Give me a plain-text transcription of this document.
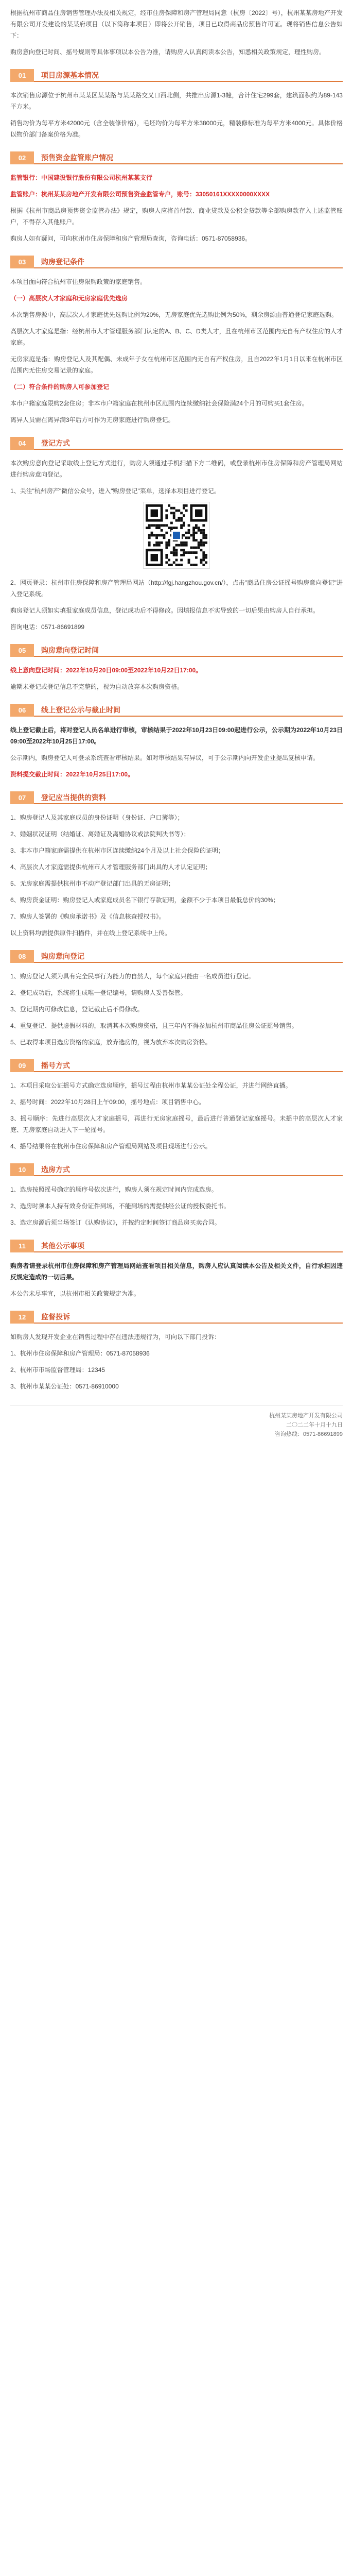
根据杭州市商品住房销售管理办法及相关规定，经市住房保障和房产管理局同意（杭房〔2022〕号），杭州某某房地产开发有限公司开发建设的某某府项目（以下简称本项目）即将公开销售，项目已取得商品房预售许可证。现将销售信息公告如下：
购房意向登记时间、摇号规则等具体事项以本公告为准，请购房人认真阅读本公告，知悉相关政策规定，理性购房。
01	项目房源基本情况
本次销售房源位于杭州市某某区某某路与某某路交叉口西北侧，共推出房源1-3幢，合计住宅299套，建筑面积约为89-143平方米。
销售均价为每平方米42000元（含全装修价格），毛坯均价为每平方米38000元，精装修标准为每平方米4000元。具体价格以物价部门备案价格为准。
02	预售资金监管账户情况
监管银行：中国建设银行股份有限公司杭州某某支行
监管账户：杭州某某房地产开发有限公司预售资金监管专户，账号：33050161XXXX0000XXXX
根据《杭州市商品房预售资金监管办法》规定，购房人应将首付款、商业贷款及公积金贷款等全部购房款存入上述监管账户，不得存入其他账户。
购房人如有疑问，可向杭州市住房保障和房产管理局查询，咨询电话：0571-87058936。
03	购房登记条件
本项目面向符合杭州市住房限购政策的家庭销售。
（一）高层次人才家庭和无房家庭优先选房
本次销售房源中，高层次人才家庭优先选购比例为20%，无房家庭优先选购比例为50%，剩余房源由普通登记家庭选购。
高层次人才家庭是指：经杭州市人才管理服务部门认定的A、B、C、D类人才，且在杭州市区范围内无自有产权住房的人才家庭。
无房家庭是指：购房登记人及其配偶、未成年子女在杭州市区范围内无自有产权住房，且自2022年1月1日以来在杭州市区范围内无住房交易记录的家庭。
（二）符合条件的购房人可参加登记
本市户籍家庭限购2套住房；非本市户籍家庭在杭州市区范围内连续缴纳社会保险满24个月的可购买1套住房。
离异人员需在离异满3年后方可作为无房家庭进行购房登记。
04	登记方式
本次购房意向登记采取线上登记方式进行，购房人须通过手机扫描下方二维码，或登录杭州市住房保障和房产管理局网站进行购房意向登记。
1、关注"杭州房产"微信公众号，进入"购房登记"菜单，选择本项目进行登记。
2、网页登录：杭州市住房保障和房产管理局网站（http://fgj.hangzhou.gov.cn/），点击"商品住房公证摇号购房意向登记"进入登记系统。
购房登记人须如实填报家庭成员信息，登记成功后不得修改。因填报信息不实导致的一切后果由购房人自行承担。
咨询电话：0571-86691899
05	购房意向登记时间
线上意向登记时间：2022年10月20日09:00至2022年10月22日17:00。
逾期未登记或登记信息不完整的，视为自动放弃本次购房资格。
06	线上登记公示与截止时间
线上登记截止后，将对登记人员名单进行审核，审核结果于2022年10月23日09:00起进行公示，公示期为2022年10月23日09:00至2022年10月25日17:00。
公示期内，购房登记人可登录系统查看审核结果。如对审核结果有异议，可于公示期内向开发企业提出复核申请。
资料提交截止时间：2022年10月25日17:00。
07	登记应当提供的资料
1、购房登记人及其家庭成员的身份证明（身份证、户口簿等）；
2、婚姻状况证明（结婚证、离婚证及离婚协议或法院判决书等）；
3、非本市户籍家庭需提供在杭州市区连续缴纳24个月及以上社会保险的证明；
4、高层次人才家庭需提供杭州市人才管理服务部门出具的人才认定证明；
5、无房家庭需提供杭州市不动产登记部门出具的无房证明；
6、购房资金证明：购房登记人或家庭成员名下银行存款证明，金额不少于本项目最低总价的30%；
7、购房人签署的《购房承诺书》及《信息核查授权书》。
以上资料均需提供原件扫描件，并在线上登记系统中上传。
08	购房意向登记
1、购房登记人须为具有完全民事行为能力的自然人，每个家庭只能由一名成员进行登记。
2、登记成功后，系统将生成唯一登记编号，请购房人妥善保管。
3、登记期内可修改信息，登记截止后不得修改。
4、重复登记、提供虚假材料的，取消其本次购房资格，且三年内不得参加杭州市商品住房公证摇号销售。
5、已取得本项目选房资格的家庭，放弃选房的，视为放弃本次购房资格。
09	摇号方式
1、本项目采取公证摇号方式确定选房顺序，摇号过程由杭州市某某公证处全程公证，并进行网络直播。
2、摇号时间：2022年10月28日上午09:00，摇号地点：项目销售中心。
3、摇号顺序：先进行高层次人才家庭摇号，再进行无房家庭摇号，最后进行普通登记家庭摇号。未摇中的高层次人才家庭、无房家庭自动进入下一轮摇号。
4、摇号结果将在杭州市住房保障和房产管理局网站及项目现场进行公示。
10	选房方式
1、选房按照摇号确定的顺序号依次进行，购房人须在规定时间内完成选房。
2、选房时须本人持有效身份证件到场，不能到场的需提供经公证的授权委托书。
3、选定房源后须当场签订《认购协议》，并按约定时间签订商品房买卖合同。
11	其他公示事项
购房者请登录杭州市住房保障和房产管理局网站查看项目相关信息，购房人应认真阅读本公告及相关文件，自行承担因违反规定造成的一切后果。
本公告未尽事宜，以杭州市相关政策规定为准。
12	监督投诉
如购房人发现开发企业在销售过程中存在违法违规行为，可向以下部门投诉：
1、杭州市住房保障和房产管理局：0571-87058936
2、杭州市市场监督管理局：12345
3、杭州市某某公证处：0571-86910000
杭州某某房地产开发有限公司
二〇二二年十月十九日
咨询热线：0571-86691899
